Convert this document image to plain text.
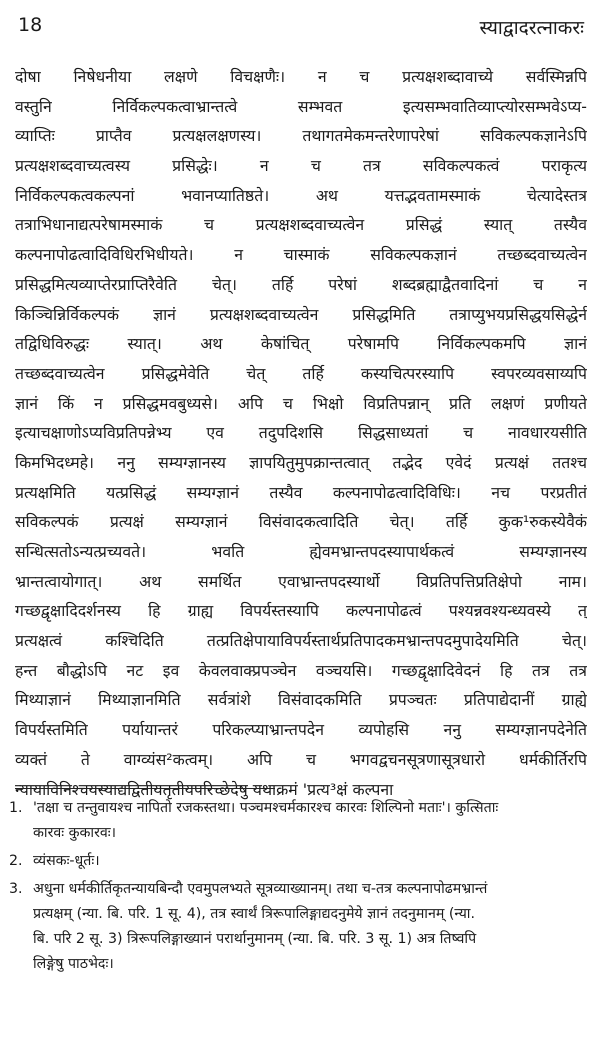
18	स्याद्वादरत्नाकरः
दोषा निषेधनीया लक्षणे विचक्षणैः। न च प्रत्यक्षशब्दावाच्ये सर्वस्मिन्नपि
वस्तुनि निर्विकल्पकत्वाभ्रान्तत्वे सम्भवत इत्यसम्भवातिव्याप्त्योरसम्भवेऽप्य-
व्याप्तिः प्राप्तैव प्रत्यक्षलक्षणस्य। तथागतमेकमन्तरेणापरेषां सविकल्पकज्ञानेऽपि
प्रत्यक्षशब्दवाच्यत्वस्य प्रसिद्धेः। न च तत्र सविकल्पकत्वं पराकृत्य
निर्विकल्पकत्वकल्पनां भवानप्यातिष्ठते। अथ यत्तद्भवतामस्माकं चेत्यादेस्तत्र
तत्राभिधानाद्यत्परेषामस्माकं च प्रत्यक्षशब्दवाच्यत्वेन प्रसिद्धं स्यात् तस्यैव
कल्पनापोढत्वादिविधिरभिधीयते। न चास्माकं सविकल्पकज्ञानं तच्छब्दवाच्यत्वेन
प्रसिद्धमित्यव्याप्तेरप्राप्तिरैवेति चेत्। तर्हि परेषां शब्दब्रह्माद्वैतवादिनां च न
किञ्चिन्निर्विकल्पकं ज्ञानं प्रत्यक्षशब्दवाच्यत्वेन प्रसिद्धमिति तत्राप्युभयप्रसिद्धयसिद्धेर्न
तद्विधिविरुद्धः स्यात्। अथ केषांचित् परेषामपि निर्विकल्पकमपि ज्ञानं
तच्छब्दवाच्यत्वेन प्रसिद्धमेवेति चेत् तर्हि कस्यचित्परस्यापि स्वपरव्यवसाय्यपि
ज्ञानं किं न प्रसिद्धमवबुध्यसे। अपि च भिक्षो विप्रतिपन्नान् प्रति लक्षणं प्रणीयते
इत्याचक्षाणोऽप्यविप्रतिपन्नेभ्य एव तदुपदिशसि सिद्धसाध्यतां च नावधारयसीति
किमभिदध्महे। ननु सम्यग्ज्ञानस्य ज्ञापयितुमुपक्रान्तत्वात् तद्भेद एवेदं प्रत्यक्षं ततश्च
प्रत्यक्षमिति यत्प्रसिद्धं सम्यग्ज्ञानं तस्यैव कल्पनापोढत्वादिविधिः। नच परप्रतीतं
सविकल्पकं प्रत्यक्षं सम्यग्ज्ञानं विसंवादकत्वादिति चेत्। तर्हि कुक¹रुकस्येवैकं
सन्धित्सतोऽन्यत्प्रच्यवते। भवति ह्येवमभ्रान्तपदस्यापार्थकत्वं सम्यग्ज्ञानस्य
भ्रान्तत्वायोगात्। अथ समर्थित एवाभ्रान्तपदस्यार्थो विप्रतिपत्तिप्रतिक्षेपो नाम।
गच्छद्वृक्षादिदर्शनस्य हि ग्राह्य विपर्यस्तस्यापि कल्पनापोढत्वं पश्यन्नवश्यन्ध्यवस्ये त्
प्रत्यक्षत्वं कश्चिदिति तत्प्रतिक्षेपायाविपर्यस्तार्थप्रतिपादकमभ्रान्तपदमुपादेयमिति चेत्।
हन्त बौद्धोऽपि नट इव केवलवाक्प्रपञ्चेन वञ्चयसि। गच्छद्वृक्षादिवेदनं हि तत्र तत्र
मिथ्याज्ञानं मिथ्याज्ञानमिति सर्वत्रांशे विसंवादकमिति प्रपञ्चतः प्रतिपाद्येदानीं ग्राह्ये
विपर्यस्तमिति पर्यायान्तरं परिकल्प्याभ्रान्तपदेन व्यपोहसि ननु सम्यग्ज्ञानपदेनेति
व्यक्तं ते वाग्व्यंस²कत्वम्। अपि च भगवद्वचनसूत्रणासूत्रधारो धर्मकीर्तिरपि
न्यायाविनिश्चयस्याद्यद्वितीयतृतीयपरिच्छेदेषु यथाक्रमं 'प्रत्य³क्षं कल्पना
1. 'तक्षा च तन्तुवायश्च नापितो रजकस्तथा। पञ्चमश्चर्मकारश्च कारवः शिल्पिनो मताः'। कुत्सिताः
कारवः कुकारवः।
2. व्यंसकः-धूर्तः।
3. अधुना धर्मकीर्तिकृतन्यायबिन्दौ एवमुपलभ्यते सूत्रव्याख्यानम्। तथा च-तत्र कल्पनापोढमभ्रान्तं
प्रत्यक्षम् (न्या. बि. परि. 1 सू. 4), तत्र स्वार्थं त्रिरूपालिङ्गाद्यदनुमेये ज्ञानं तदनुमानम् (न्या.
बि. परि 2 सू. 3) त्रिरूपलिङ्गाख्यानं परार्थानुमानम् (न्या. बि. परि. 3 सू. 1) अत्र तिष्वपि
लिङ्गेषु पाठभेदः।
